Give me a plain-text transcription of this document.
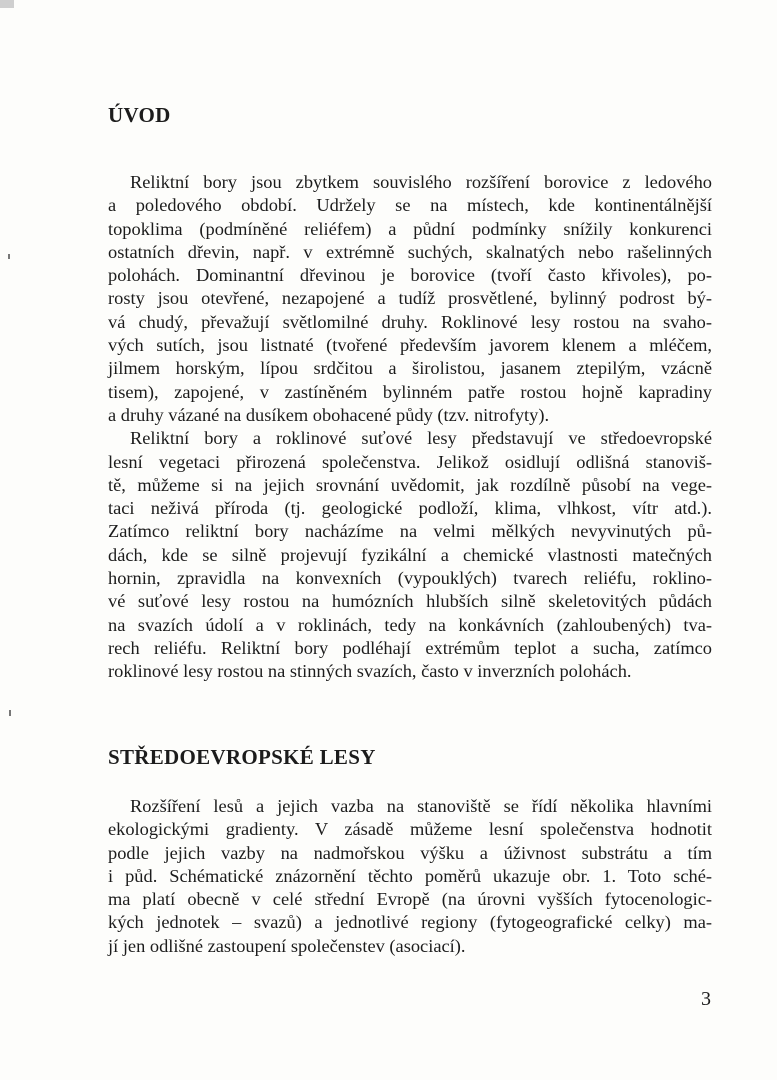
ÚVOD
Reliktní bory jsou zbytkem souvislého rozšíření borovice z ledového
a poledového období. Udržely se na místech, kde kontinentálnější
topoklima (podmíněné reliéfem) a půdní podmínky snížily konkurenci
ostatních dřevin, např. v extrémně suchých, skalnatých nebo rašelinných
polohách. Dominantní dřevinou je borovice (tvoří často křivoles), po-
rosty jsou otevřené, nezapojené a tudíž prosvětlené, bylinný podrost bý-
vá chudý, převažují světlomilné druhy. Roklinové lesy rostou na svaho-
vých sutích, jsou listnaté (tvořené především javorem klenem a mléčem,
jilmem horským, lípou srdčitou a širolistou, jasanem ztepilým, vzácně
tisem), zapojené, v zastíněném bylinném patře rostou hojně kapradiny
a druhy vázané na dusíkem obohacené půdy (tzv. nitrofyty).
Reliktní bory a roklinové suťové lesy představují ve středoevropské
lesní vegetaci přirozená společenstva. Jelikož osidlují odlišná stanoviš-
tě, můžeme si na jejich srovnání uvědomit, jak rozdílně působí na vege-
taci neživá příroda (tj. geologické podloží, klima, vlhkost, vítr atd.).
Zatímco reliktní bory nacházíme na velmi mělkých nevyvinutých pů-
dách, kde se silně projevují fyzikální a chemické vlastnosti matečných
hornin, zpravidla na konvexních (vypouklých) tvarech reliéfu, roklino-
vé suťové lesy rostou na humózních hlubších silně skeletovitých půdách
na svazích údolí a v roklinách, tedy na konkávních (zahloubených) tva-
rech reliéfu. Reliktní bory podléhají extrémům teplot a sucha, zatímco
roklinové lesy rostou na stinných svazích, často v inverzních polohách.
STŘEDOEVROPSKÉ LESY
Rozšíření lesů a jejich vazba na stanoviště se řídí několika hlavními
ekologickými gradienty. V zásadě můžeme lesní společenstva hodnotit
podle jejich vazby na nadmořskou výšku a úživnost substrátu a tím
i půd. Schématické znázornění těchto poměrů ukazuje obr. 1. Toto sché-
ma platí obecně v celé střední Evropě (na úrovni vyšších fytocenologic-
kých jednotek – svazů) a jednotlivé regiony (fytogeografické celky) ma-
jí jen odlišné zastoupení společenstev (asociací).
3
